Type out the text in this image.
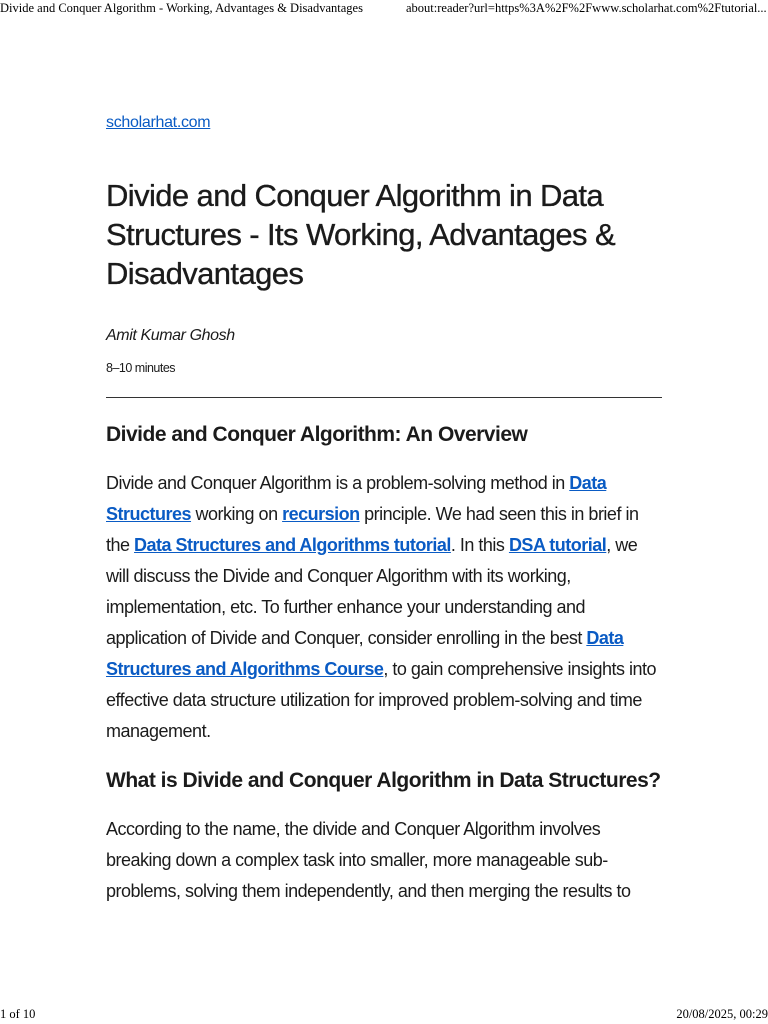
Divide and Conquer Algorithm - Working, Advantages & Disadvantages	about:reader?url=https%3A%2F%2Fwww.scholarhat.com%2Ftutorial...
scholarhat.com
Divide and Conquer Algorithm in Data Structures - Its Working, Advantages & Disadvantages
Amit Kumar Ghosh
8–10 minutes
Divide and Conquer Algorithm: An Overview

Divide and Conquer Algorithm is a problem-solving method in Data Structures working on recursion principle. We had seen this in brief in the Data Structures and Algorithms tutorial. In this DSA tutorial, we will discuss the Divide and Conquer Algorithm with its working, implementation, etc. To further enhance your understanding and application of Divide and Conquer, consider enrolling in the best Data Structures and Algorithms Course, to gain comprehensive insights into effective data structure utilization for improved problem-solving and time management.

What is Divide and Conquer Algorithm in Data Structures?

According to the name, the divide and Conquer Algorithm involves breaking down a complex task into smaller, more manageable sub-problems, solving them independently, and then merging the results to

1 of 10	20/08/2025, 00:29
